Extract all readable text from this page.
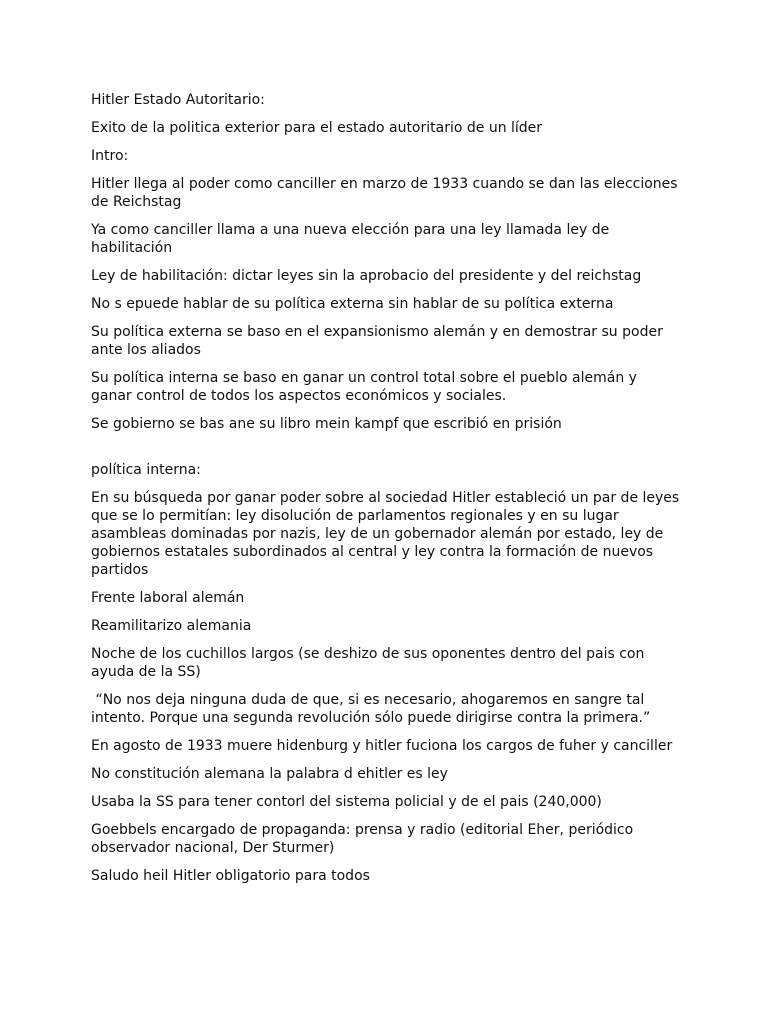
Hitler Estado Autoritario:

Exito de la politica exterior para el estado autoritario de un líder

Intro:

Hitler llega al poder como canciller en marzo de 1933 cuando se dan las elecciones de Reichstag

Ya como canciller llama a una nueva elección para una ley llamada ley de habilitación

Ley de habilitación: dictar leyes sin la aprobacio del presidente y del reichstag

No s epuede hablar de su política externa sin hablar de su política externa

Su política externa se baso en el expansionismo alemán y en demostrar su poder ante los aliados

Su política interna se baso en ganar un control total sobre el pueblo alemán y ganar control de todos los aspectos económicos y sociales.

Se gobierno se bas ane su libro mein kampf que escribió en prisión

política interna:

En su búsqueda por ganar poder sobre al sociedad Hitler estableció un par de leyes que se lo permitían: ley disolución de parlamentos regionales y en su lugar asambleas dominadas por nazis, ley de un gobernador alemán por estado, ley de gobiernos estatales subordinados al central y ley contra la formación de nuevos partidos

Frente laboral alemán

Reamilitarizo alemania

Noche de los cuchillos largos (se deshizo de sus oponentes dentro del pais con ayuda de la SS)

“No nos deja ninguna duda de que, si es necesario, ahogaremos en sangre tal intento. Porque una segunda revolución sólo puede dirigirse contra la primera.”

En agosto de 1933 muere hidenburg y hitler fuciona los cargos de fuher y canciller

No constitución alemana la palabra d ehitler es ley

Usaba la SS para tener contorl del sistema policial y de el pais (240,000)

Goebbels encargado de propaganda: prensa y radio (editorial Eher, periódico observador nacional, Der Sturmer)

Saludo heil Hitler obligatorio para todos
